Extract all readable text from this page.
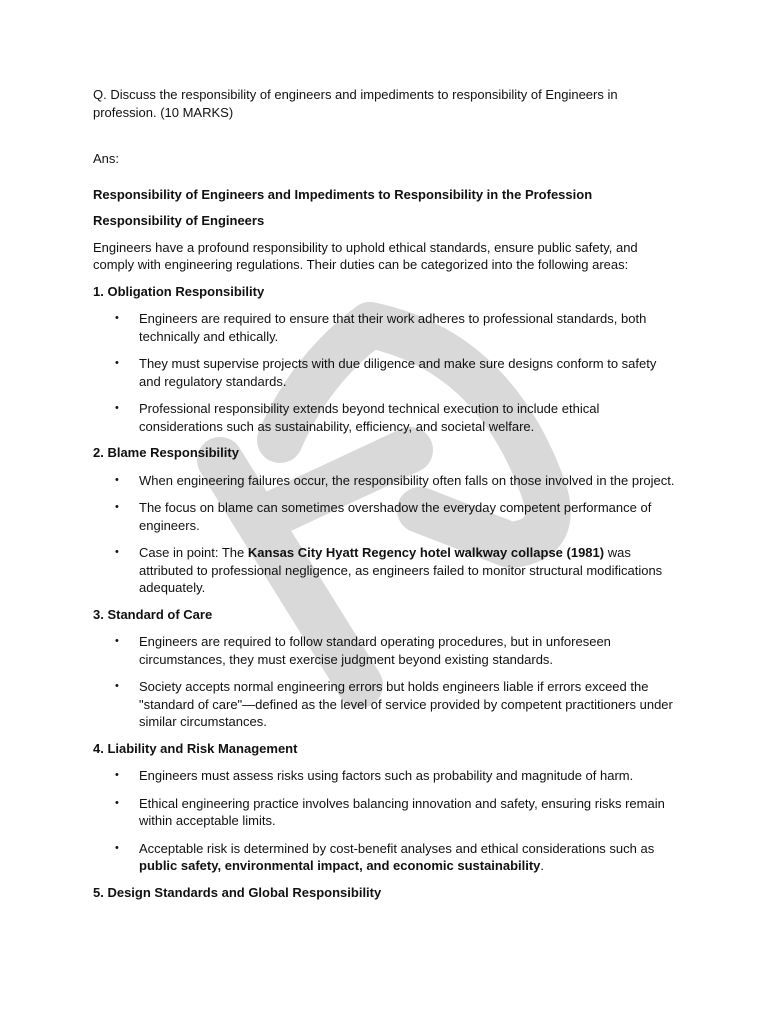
Q. Discuss the responsibility of engineers and impediments to responsibility of Engineers in profession. (10 MARKS)

Ans:

Responsibility of Engineers and Impediments to Responsibility in the Profession

Responsibility of Engineers

Engineers have a profound responsibility to uphold ethical standards, ensure public safety, and comply with engineering regulations. Their duties can be categorized into the following areas:

1. Obligation Responsibility

• Engineers are required to ensure that their work adheres to professional standards, both technically and ethically.
• They must supervise projects with due diligence and make sure designs conform to safety and regulatory standards.
• Professional responsibility extends beyond technical execution to include ethical considerations such as sustainability, efficiency, and societal welfare.

2. Blame Responsibility

• When engineering failures occur, the responsibility often falls on those involved in the project.
• The focus on blame can sometimes overshadow the everyday competent performance of engineers.
• Case in point: The Kansas City Hyatt Regency hotel walkway collapse (1981) was attributed to professional negligence, as engineers failed to monitor structural modifications adequately.

3. Standard of Care

• Engineers are required to follow standard operating procedures, but in unforeseen circumstances, they must exercise judgment beyond existing standards.
• Society accepts normal engineering errors but holds engineers liable if errors exceed the "standard of care"—defined as the level of service provided by competent practitioners under similar circumstances.

4. Liability and Risk Management

• Engineers must assess risks using factors such as probability and magnitude of harm.
• Ethical engineering practice involves balancing innovation and safety, ensuring risks remain within acceptable limits.
• Acceptable risk is determined by cost-benefit analyses and ethical considerations such as public safety, environmental impact, and economic sustainability.

5. Design Standards and Global Responsibility
